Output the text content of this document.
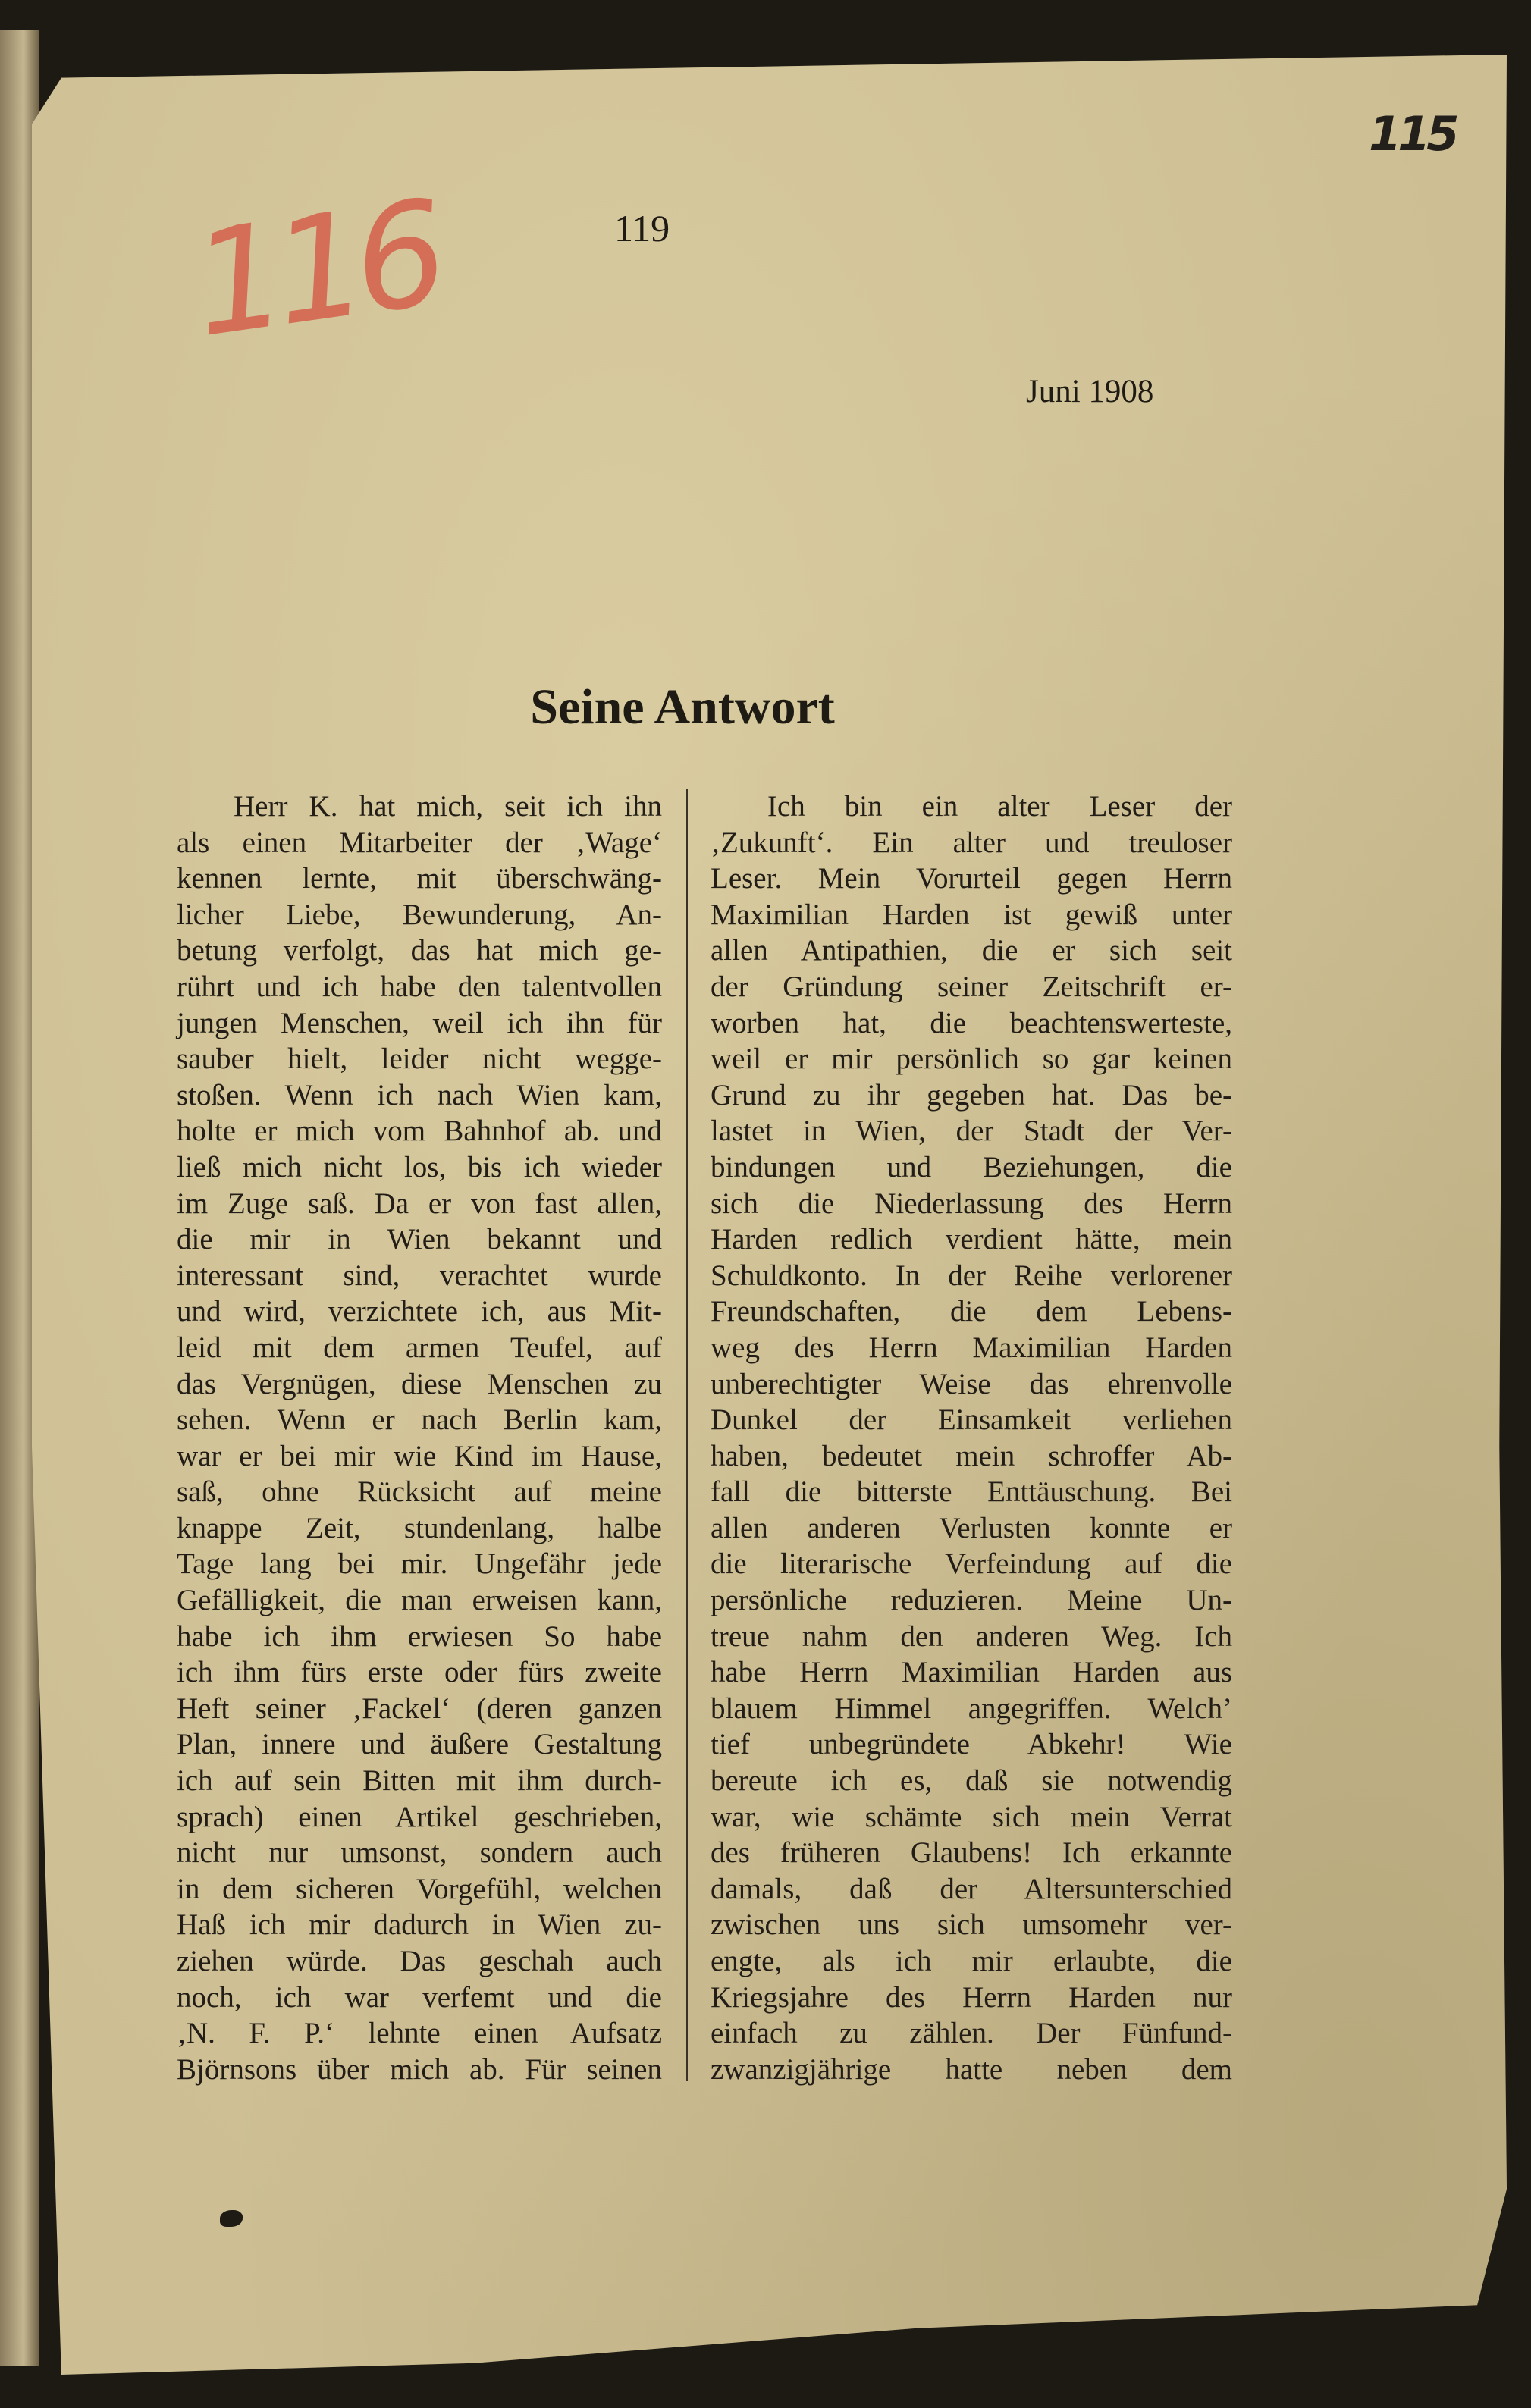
119
116
115
Juni 1908
Seine Antwort
Herr K. hat mich, seit ich ihn
als einen Mitarbeiter der ‚Wage‘
kennen lernte, mit überschwäng-
licher Liebe, Bewunderung, An-
betung verfolgt, das hat mich ge-
rührt und ich habe den talentvollen
jungen Menschen, weil ich ihn für
sauber hielt, leider nicht wegge-
stoßen. Wenn ich nach Wien kam,
holte er mich vom Bahnhof ab. und
ließ mich nicht los, bis ich wieder
im Zuge saß. Da er von fast allen,
die mir in Wien bekannt und
interessant sind, verachtet wurde
und wird, verzichtete ich, aus Mit-
leid mit dem armen Teufel, auf
das Vergnügen, diese Menschen zu
sehen. Wenn er nach Berlin kam,
war er bei mir wie Kind im Hause,
saß, ohne Rücksicht auf meine
knappe Zeit, stundenlang, halbe
Tage lang bei mir. Ungefähr jede
Gefälligkeit, die man erweisen kann,
habe ich ihm erwiesen So habe
ich ihm fürs erste oder fürs zweite
Heft seiner ‚Fackel‘ (deren ganzen
Plan, innere und äußere Gestaltung
ich auf sein Bitten mit ihm durch-
sprach) einen Artikel geschrieben,
nicht nur umsonst, sondern auch
in dem sicheren Vorgefühl, welchen
Haß ich mir dadurch in Wien zu-
ziehen würde. Das geschah auch
noch, ich war verfemt und die
‚N. F. P.‘ lehnte einen Aufsatz
Björnsons über mich ab. Für seinen
Ich bin ein alter Leser der
‚Zukunft‘. Ein alter und treuloser
Leser. Mein Vorurteil gegen Herrn
Maximilian Harden ist gewiß unter
allen Antipathien, die er sich seit
der Gründung seiner Zeitschrift er-
worben hat, die beachtenswerteste,
weil er mir persönlich so gar keinen
Grund zu ihr gegeben hat. Das be-
lastet in Wien, der Stadt der Ver-
bindungen und Beziehungen, die
sich die Niederlassung des Herrn
Harden redlich verdient hätte, mein
Schuldkonto. In der Reihe verlorener
Freundschaften, die dem Lebens-
weg des Herrn Maximilian Harden
unberechtigter Weise das ehrenvolle
Dunkel der Einsamkeit verliehen
haben, bedeutet mein schroffer Ab-
fall die bitterste Enttäuschung. Bei
allen anderen Verlusten konnte er
die literarische Verfeindung auf die
persönliche reduzieren. Meine Un-
treue nahm den anderen Weg. Ich
habe Herrn Maximilian Harden aus
blauem Himmel angegriffen. Welch’
tief unbegründete Abkehr! Wie
bereute ich es, daß sie notwendig
war, wie schämte sich mein Verrat
des früheren Glaubens! Ich erkannte
damals, daß der Altersunterschied
zwischen uns sich umsomehr ver-
engte, als ich mir erlaubte, die
Kriegsjahre des Herrn Harden nur
einfach zu zählen. Der Fünfund-
zwanzigjährige hatte neben dem
